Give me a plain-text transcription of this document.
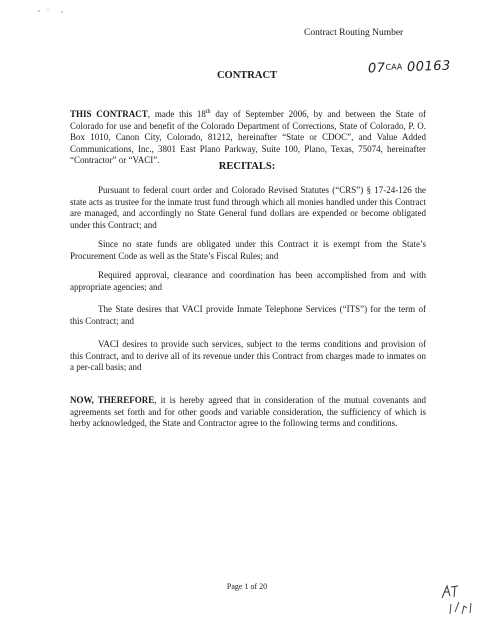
Contract Routing Number
07CAA 00163
CONTRACT
THIS CONTRACT, made this 18th day of September 2006, by and between the State of Colorado for use and benefit of the Colorado Department of Corrections, State of Colorado, P. O. Box 1010, Canon City, Colorado, 81212, hereinafter “State or CDOC”, and Value Added Communications, Inc., 3801 East Plano Parkway, Suite 100, Plano, Texas, 75074, hereinafter “Contractor” or “VACI”.
RECITALS:
Pursuant to federal court order and Colorado Revised Statutes (“CRS”) § 17-24-126 the state acts as trustee for the inmate trust fund through which all monies handled under this Contract are managed, and accordingly no State General fund dollars are expended or become obligated under this Contract; and
Since no state funds are obligated under this Contract it is exempt from the State’s Procurement Code as well as the State’s Fiscal Rules; and
Required approval, clearance and coordination has been accomplished from and with appropriate agencies; and
The State desires that VACI provide Inmate Telephone Services (“ITS”) for the term of this Contract; and
VACI desires to provide such services, subject to the terms conditions and provision of this Contract, and to derive all of its revenue under this Contract from charges made to inmates on a per-call basis; and
NOW, THEREFORE, it is hereby agreed that in consideration of the mutual covenants and agreements set forth and for other goods and variable consideration, the sufficiency of which is herby acknowledged, the State and Contractor agree to the following terms and conditions.
Page 1 of 20
